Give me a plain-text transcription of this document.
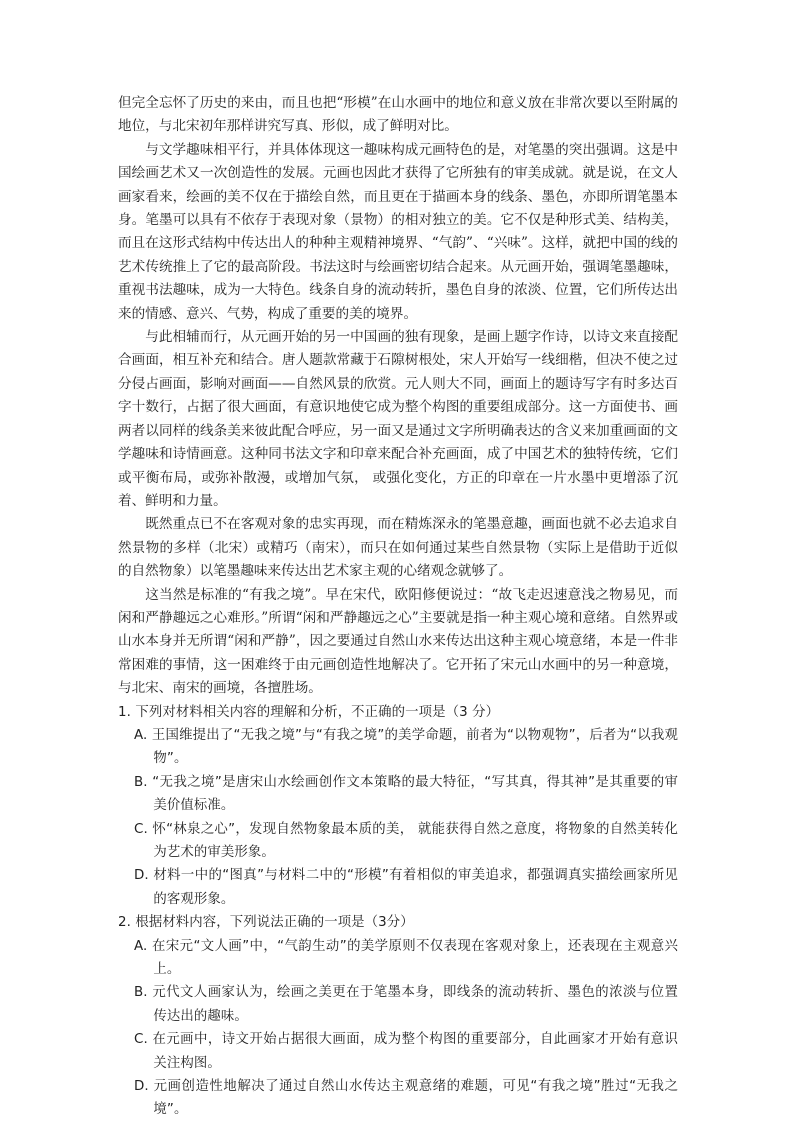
但完全忘怀了历史的来由，而且也把“形模”在山水画中的地位和意义放在非常次要以至附属的地位，与北宋初年那样讲究写真、形似，成了鲜明对比。

与文学趣味相平行，并具体体现这一趣味构成元画特色的是，对笔墨的突出强调。这是中国绘画艺术又一次创造性的发展。元画也因此才获得了它所独有的审美成就。就是说，在文人画家看来，绘画的美不仅在于描绘自然，而且更在于描画本身的线条、墨色，亦即所谓笔墨本身。笔墨可以具有不依存于表现对象（景物）的相对独立的美。它不仅是种形式美、结构美，而且在这形式结构中传达出人的种种主观精神境界、“气韵”、“兴味”。这样，就把中国的线的艺术传统推上了它的最高阶段。书法这时与绘画密切结合起来。从元画开始，强调笔墨趣味，重视书法趣味，成为一大特色。线条自身的流动转折，墨色自身的浓淡、位置，它们所传达出来的情感、意兴、气势，构成了重要的美的境界。

与此相辅而行，从元画开始的另一中国画的独有现象，是画上题字作诗，以诗文来直接配合画面，相互补充和结合。唐人题款常藏于石隙树根处，宋人开始写一线细楷，但决不使之过分侵占画面，影响对画面——自然风景的欣赏。元人则大不同，画面上的题诗写字有时多达百字十数行，占据了很大画面，有意识地使它成为整个构图的重要组成部分。这一方面使书、画两者以同样的线条美来彼此配合呼应，另一面又是通过文字所明确表达的含义来加重画面的文学趣味和诗情画意。这种同书法文字和印章来配合补充画面，成了中国艺术的独特传统，它们或平衡布局，或弥补散漫，或增加气氛， 或强化变化，方正的印章在一片水墨中更增添了沉着、鲜明和力量。

既然重点已不在客观对象的忠实再现，而在精炼深永的笔墨意趣，画面也就不必去追求自然景物的多样（北宋）或精巧（南宋），而只在如何通过某些自然景物（实际上是借助于近似的自然物象）以笔墨趣味来传达出艺术家主观的心绪观念就够了。

这当然是标准的“有我之境”。早在宋代，欧阳修便说过：“故飞走迟速意浅之物易见，而闲和严静趣远之心难形。”所谓“闲和严静趣远之心”主要就是指一种主观心境和意绪。自然界或山水本身并无所谓“闲和严静”，因之要通过自然山水来传达出这种主观心境意绪，本是一件非常困难的事情，这一困难终于由元画创造性地解决了。它开拓了宋元山水画中的另一种意境，与北宋、南宋的画境，各擅胜场。

1. 下列对材料相关内容的理解和分析，不正确的一项是（3 分）

A. 王国维提出了“无我之境”与“有我之境”的美学命题，前者为“以物观物”，后者为“以我观物”。

B. “无我之境”是唐宋山水绘画创作文本策略的最大特征，“写其真，得其神”是其重要的审美价值标准。

C. 怀“林泉之心”，发现自然物象最本质的美， 就能获得自然之意度，将物象的自然美转化为艺术的审美形象。

D. 材料一中的“图真”与材料二中的“形模”有着相似的审美追求，都强调真实描绘画家所见的客观形象。

2. 根据材料内容，下列说法正确的一项是（3分）

A. 在宋元“文人画”中，“气韵生动”的美学原则不仅表现在客观对象上，还表现在主观意兴上。

B. 元代文人画家认为，绘画之美更在于笔墨本身，即线条的流动转折、墨色的浓淡与位置传达出的趣味。

C. 在元画中，诗文开始占据很大画面，成为整个构图的重要部分，自此画家才开始有意识关注构图。

D. 元画创造性地解决了通过自然山水传达主观意绪的难题，可见“有我之境”胜过“无我之境”。
